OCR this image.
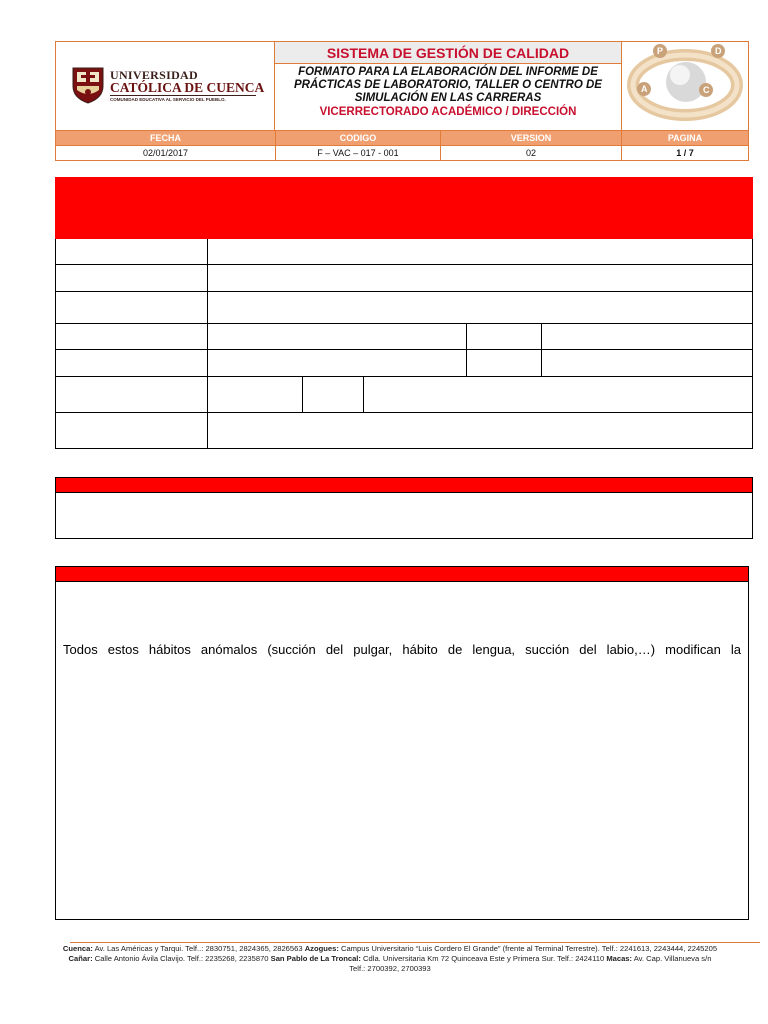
UNIVERSIDAD
CATÓLICA DE CUENCA
COMUNIDAD EDUCATIVA AL SERVICIO DEL PUEBLO.
SISTEMA DE GESTIÓN DE CALIDAD
FORMATO PARA LA ELABORACIÓN DEL INFORME DE PRÁCTICAS DE LABORATORIO, TALLER O CENTRO DE SIMULACIÓN EN LAS CARRERAS
VICERRECTORADO ACADÉMICO / DIRECCIÓN
P	D
A	C
FECHA	CODIGO	VERSION	PAGINA
02/01/2017	F – VAC – 017 - 001	02	1 / 7
Todos estos hábitos anómalos (succión del pulgar, hábito de lengua, succión del labio,…) modifican la
Cuenca: Av. Las Américas y Tarqui. Telf..: 2830751, 2824365, 2826563 Azogues: Campus Universitario “Luis Cordero El Grande” (frente al Terminal Terrestre). Telf.: 2241613, 2243444, 2245205 Cañar: Calle Antonio Ávila Clavijo. Telf.: 2235268, 2235870 San Pablo de La Troncal: Cdla. Universitaria Km 72 Quinceava Este y Primera Sur. Telf.: 2424110 Macas: Av. Cap. Villanueva s/n Telf.: 2700392, 2700393
